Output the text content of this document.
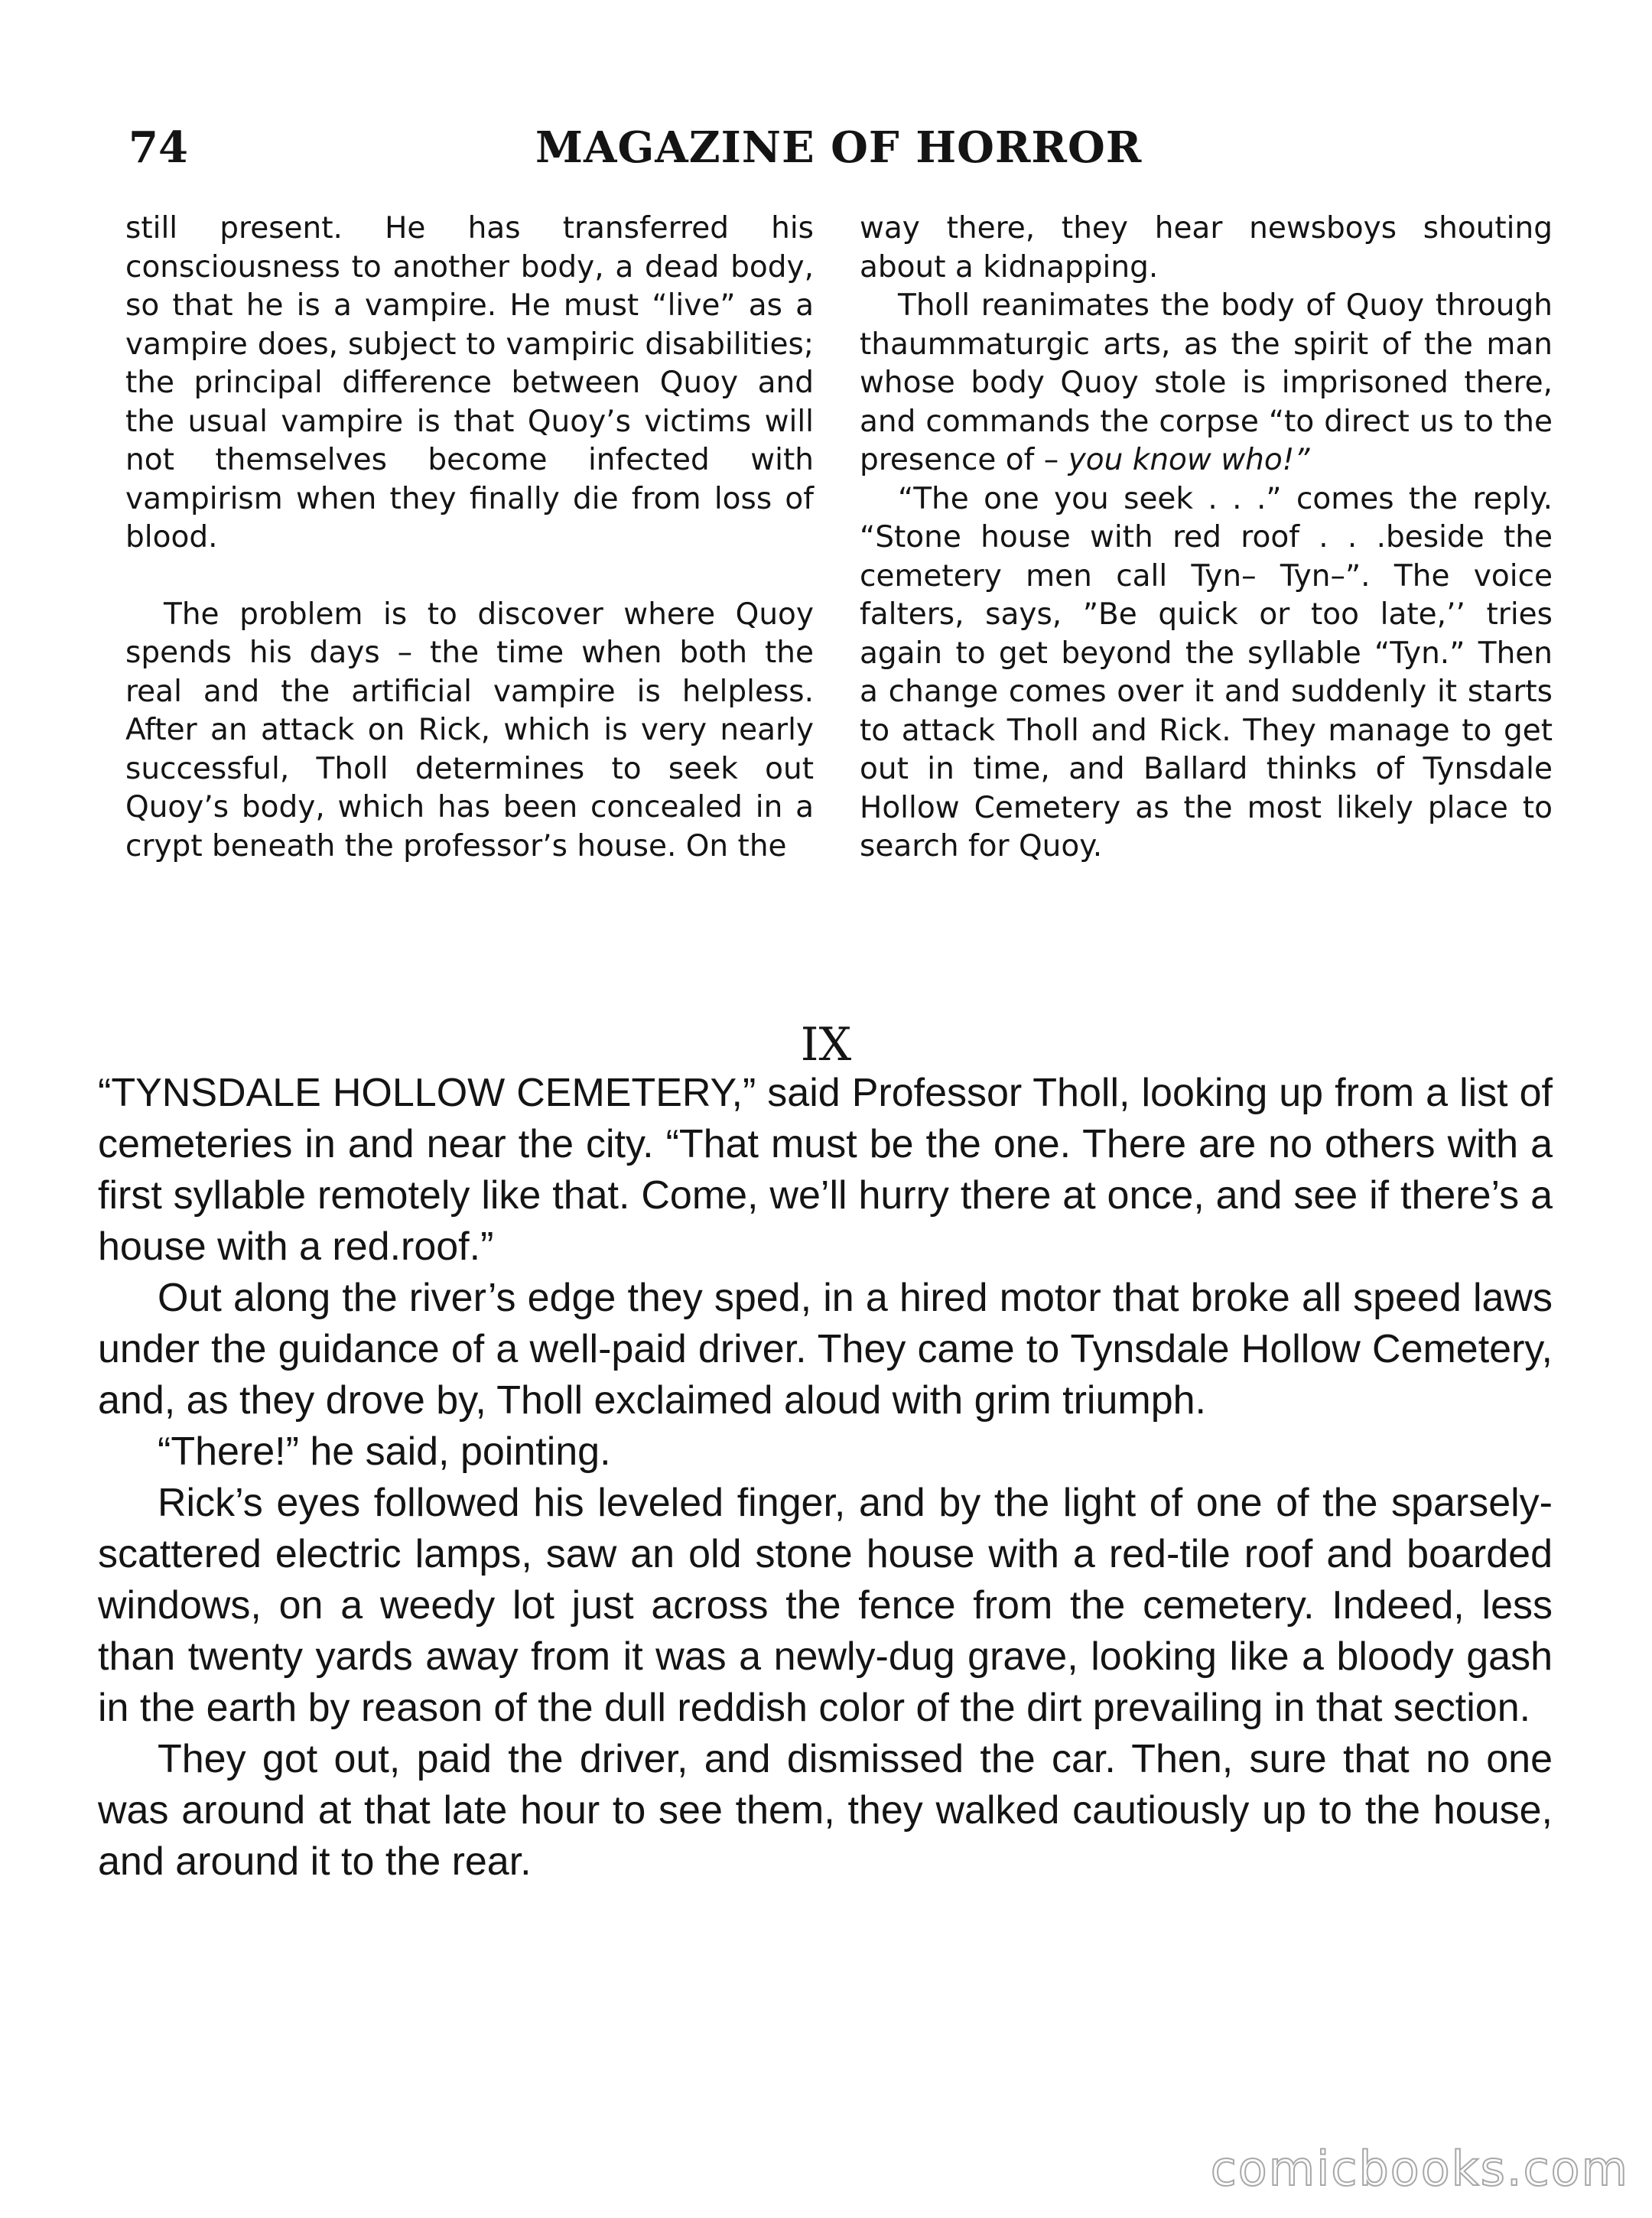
74	MAGAZINE OF HORROR

still present. He has transferred his consciousness to another body, a dead body, so that he is a vampire. He must “live” as a vampire does, subject to vampiric disabilities; the principal difference between Quoy and the usual vampire is that Quoy’s victims will not themselves become infected with vampirism when they finally die from loss of blood.

The problem is to discover where Quoy spends his days – the time when both the real and the artificial vampire is helpless. After an attack on Rick, which is very nearly successful, Tholl determines to seek out Quoy’s body, which has been concealed in a crypt beneath the professor’s house. On the

way there, they hear newsboys shouting about a kidnapping.

Tholl reanimates the body of Quoy through thaummaturgic arts, as the spirit of the man whose body Quoy stole is imprisoned there, and commands the corpse “to direct us to the presence of – you know who!”

“The one you seek . . .” comes the reply. “Stone house with red roof . . .beside the cemetery men call Tyn– Tyn–”. The voice falters, says, ”Be quick or too late,’’ tries again to get beyond the syllable “Tyn.” Then a change comes over it and suddenly it starts to attack Tholl and Rick. They manage to get out in time, and Ballard thinks of Tynsdale Hollow Cemetery as the most likely place to search for Quoy.

IX

“TYNSDALE HOLLOW CEMETERY,” said Professor Tholl, looking up from a list of cemeteries in and near the city. “That must be the one. There are no others with a first syllable remotely like that. Come, we’ll hurry there at once, and see if there’s a house with a red.roof.”

Out along the river’s edge they sped, in a hired motor that broke all speed laws under the guidance of a well-paid driver. They came to Tynsdale Hollow Cemetery, and, as they drove by, Tholl exclaimed aloud with grim triumph.

“There!” he said, pointing.

Rick’s eyes followed his leveled finger, and by the light of one of the sparsely-scattered electric lamps, saw an old stone house with a red-tile roof and boarded windows, on a weedy lot just across the fence from the cemetery. Indeed, less than twenty yards away from it was a newly-dug grave, looking like a bloody gash in the earth by reason of the dull reddish color of the dirt prevailing in that section.

They got out, paid the driver, and dismissed the car. Then, sure that no one was around at that late hour to see them, they walked cautiously up to the house, and around it to the rear.

comicbooks.com
